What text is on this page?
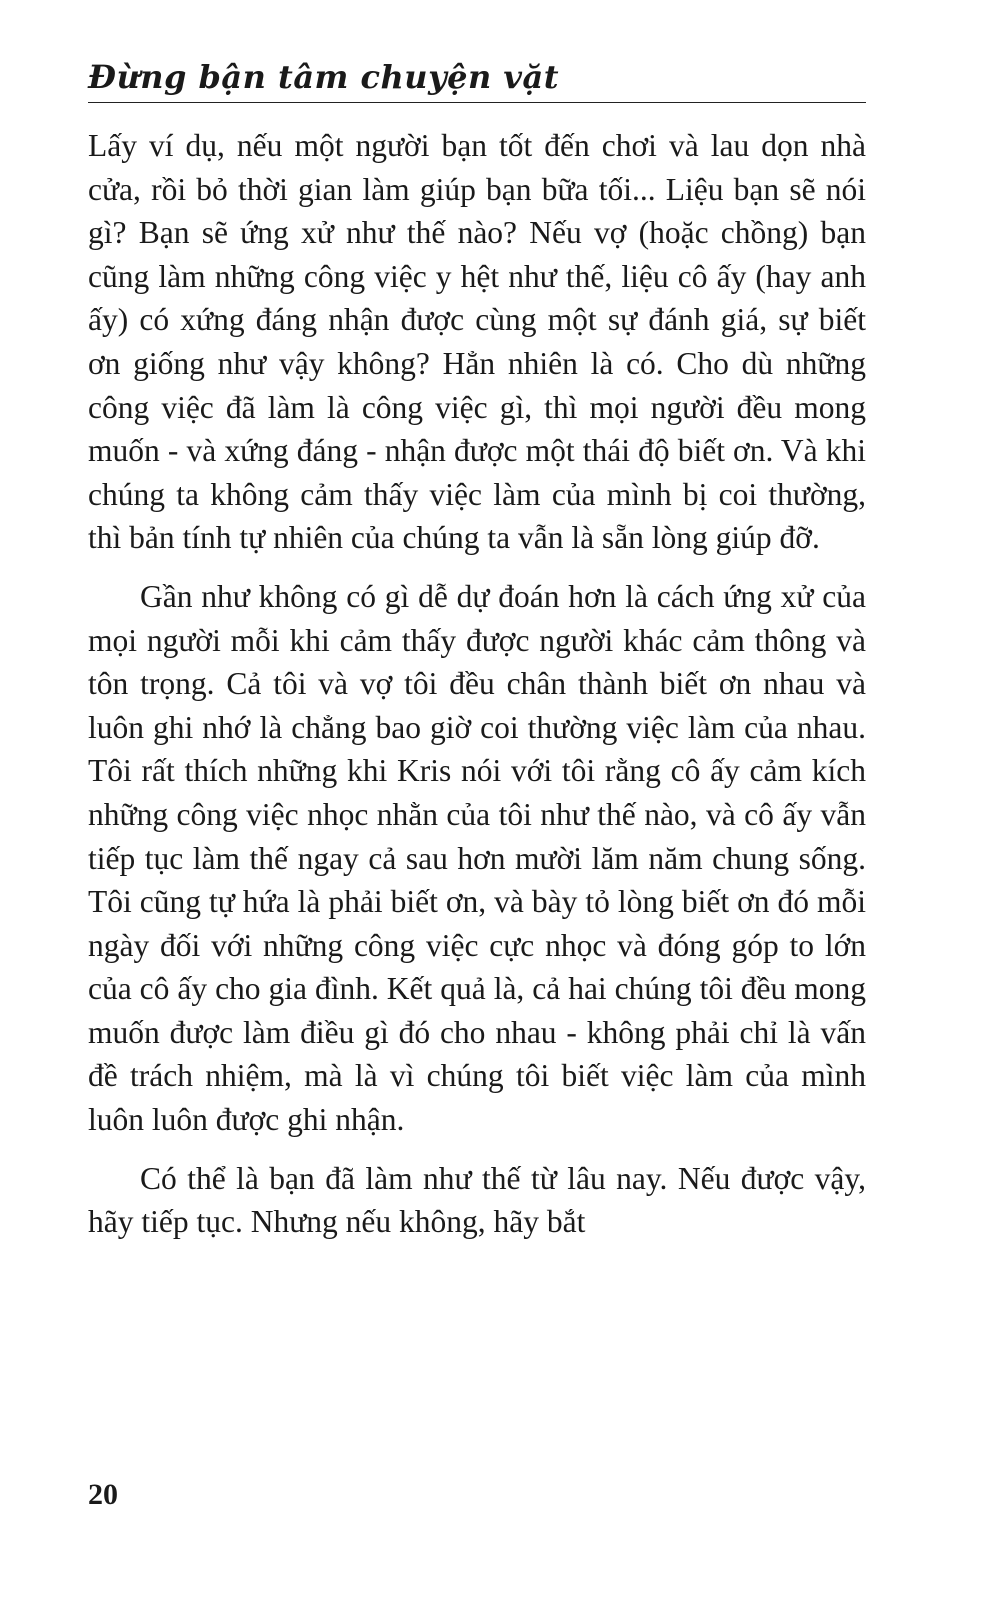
Đừng bận tâm chuyện vặt

Lấy ví dụ, nếu một người bạn tốt đến chơi và lau dọn nhà cửa, rồi bỏ thời gian làm giúp bạn bữa tối... Liệu bạn sẽ nói gì? Bạn sẽ ứng xử như thế nào? Nếu vợ (hoặc chồng) bạn cũng làm những công việc y hệt như thế, liệu cô ấy (hay anh ấy) có xứng đáng nhận được cùng một sự đánh giá, sự biết ơn giống như vậy không? Hẳn nhiên là có. Cho dù những công việc đã làm là công việc gì, thì mọi người đều mong muốn - và xứng đáng - nhận được một thái độ biết ơn. Và khi chúng ta không cảm thấy việc làm của mình bị coi thường, thì bản tính tự nhiên của chúng ta vẫn là sẵn lòng giúp đỡ.

Gần như không có gì dễ dự đoán hơn là cách ứng xử của mọi người mỗi khi cảm thấy được người khác cảm thông và tôn trọng. Cả tôi và vợ tôi đều chân thành biết ơn nhau và luôn ghi nhớ là chẳng bao giờ coi thường việc làm của nhau. Tôi rất thích những khi Kris nói với tôi rằng cô ấy cảm kích những công việc nhọc nhằn của tôi như thế nào, và cô ấy vẫn tiếp tục làm thế ngay cả sau hơn mười lăm năm chung sống. Tôi cũng tự hứa là phải biết ơn, và bày tỏ lòng biết ơn đó mỗi ngày đối với những công việc cực nhọc và đóng góp to lớn của cô ấy cho gia đình. Kết quả là, cả hai chúng tôi đều mong muốn được làm điều gì đó cho nhau - không phải chỉ là vấn đề trách nhiệm, mà là vì chúng tôi biết việc làm của mình luôn luôn được ghi nhận.

Có thể là bạn đã làm như thế từ lâu nay. Nếu được vậy, hãy tiếp tục. Nhưng nếu không, hãy bắt

20
